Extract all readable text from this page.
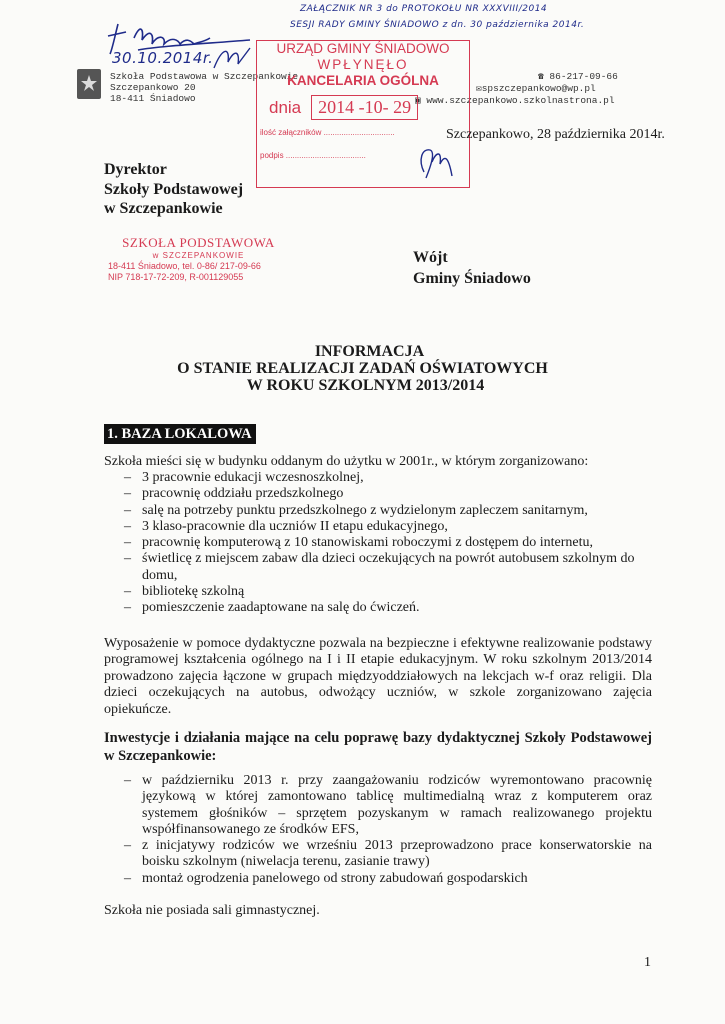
ZAŁĄCZNIK NR 3 do PROTOKOŁU NR XXXVIII/2014
SESJI RADY GMINY ŚNIADOWO z dn. 30 października 2014r.
30.10.2014r.
Szkoła Podstawowa w Szczepankowie
Szczepankowo 20
18-411 Śniadowo
☎ 86-217-09-66
✉spszczepankowo@wp.pl
▣ www.szczepankowo.szkolnastrona.pl
URZĄD GMINY ŚNIADOWO
WPŁYNĘŁO
KANCELARIA OGÓLNA
dnia 2014 -10- 29
ilość załączników ................................
podpis ....................................
Szczepankowo, 28 października 2014r.
Dyrektor
Szkoły Podstawowej
w Szczepankowie
SZKOŁA PODSTAWOWA
w SZCZEPANKOWIE
18-411 Śniadowo, tel. 0-86/ 217-09-66
NIP 718-17-72-209, R-001129055
Wójt
Gminy Śniadowo
INFORMACJA
O STANIE REALIZACJI ZADAŃ OŚWIATOWYCH
W ROKU SZKOLNYM 2013/2014
1. BAZA LOKALOWA
Szkoła mieści się w budynku oddanym do użytku w 2001r., w którym zorganizowano:
– 3 pracownie edukacji wczesnoszkolnej,
– pracownię oddziału przedszkolnego
– salę na potrzeby punktu przedszkolnego z wydzielonym zapleczem sanitarnym,
– 3 klaso-pracownie dla uczniów II etapu edukacyjnego,
– pracownię komputerową z 10 stanowiskami roboczymi z dostępem do internetu,
– świetlicę z miejscem zabaw dla dzieci oczekujących na powrót autobusem szkolnym do domu,
– bibliotekę szkolną
– pomieszczenie zaadaptowane na salę do ćwiczeń.
Wyposażenie w pomoce dydaktyczne pozwala na bezpieczne i efektywne realizowanie podstawy programowej kształcenia ogólnego na I i II etapie edukacyjnym. W roku szkolnym 2013/2014 prowadzono zajęcia łączone w grupach międzyoddziałowych na lekcjach w-f oraz religii. Dla dzieci oczekujących na autobus, odwożący uczniów, w szkole zorganizowano zajęcia opiekuńcze.
Inwestycje i działania mające na celu poprawę bazy dydaktycznej Szkoły Podstawowej w Szczepankowie:
– w październiku 2013 r. przy zaangażowaniu rodziców wyremontowano pracownię językową w której zamontowano tablicę multimedialną wraz z komputerem oraz systemem głośników – sprzętem pozyskanym w ramach realizowanego projektu współfinansowanego ze środków EFS,
– z inicjatywy rodziców we wrześniu 2013 przeprowadzono prace konserwatorskie na boisku szkolnym (niwelacja terenu, zasianie trawy)
– montaż ogrodzenia panelowego od strony zabudowań gospodarskich
Szkoła nie posiada sali gimnastycznej.
1
